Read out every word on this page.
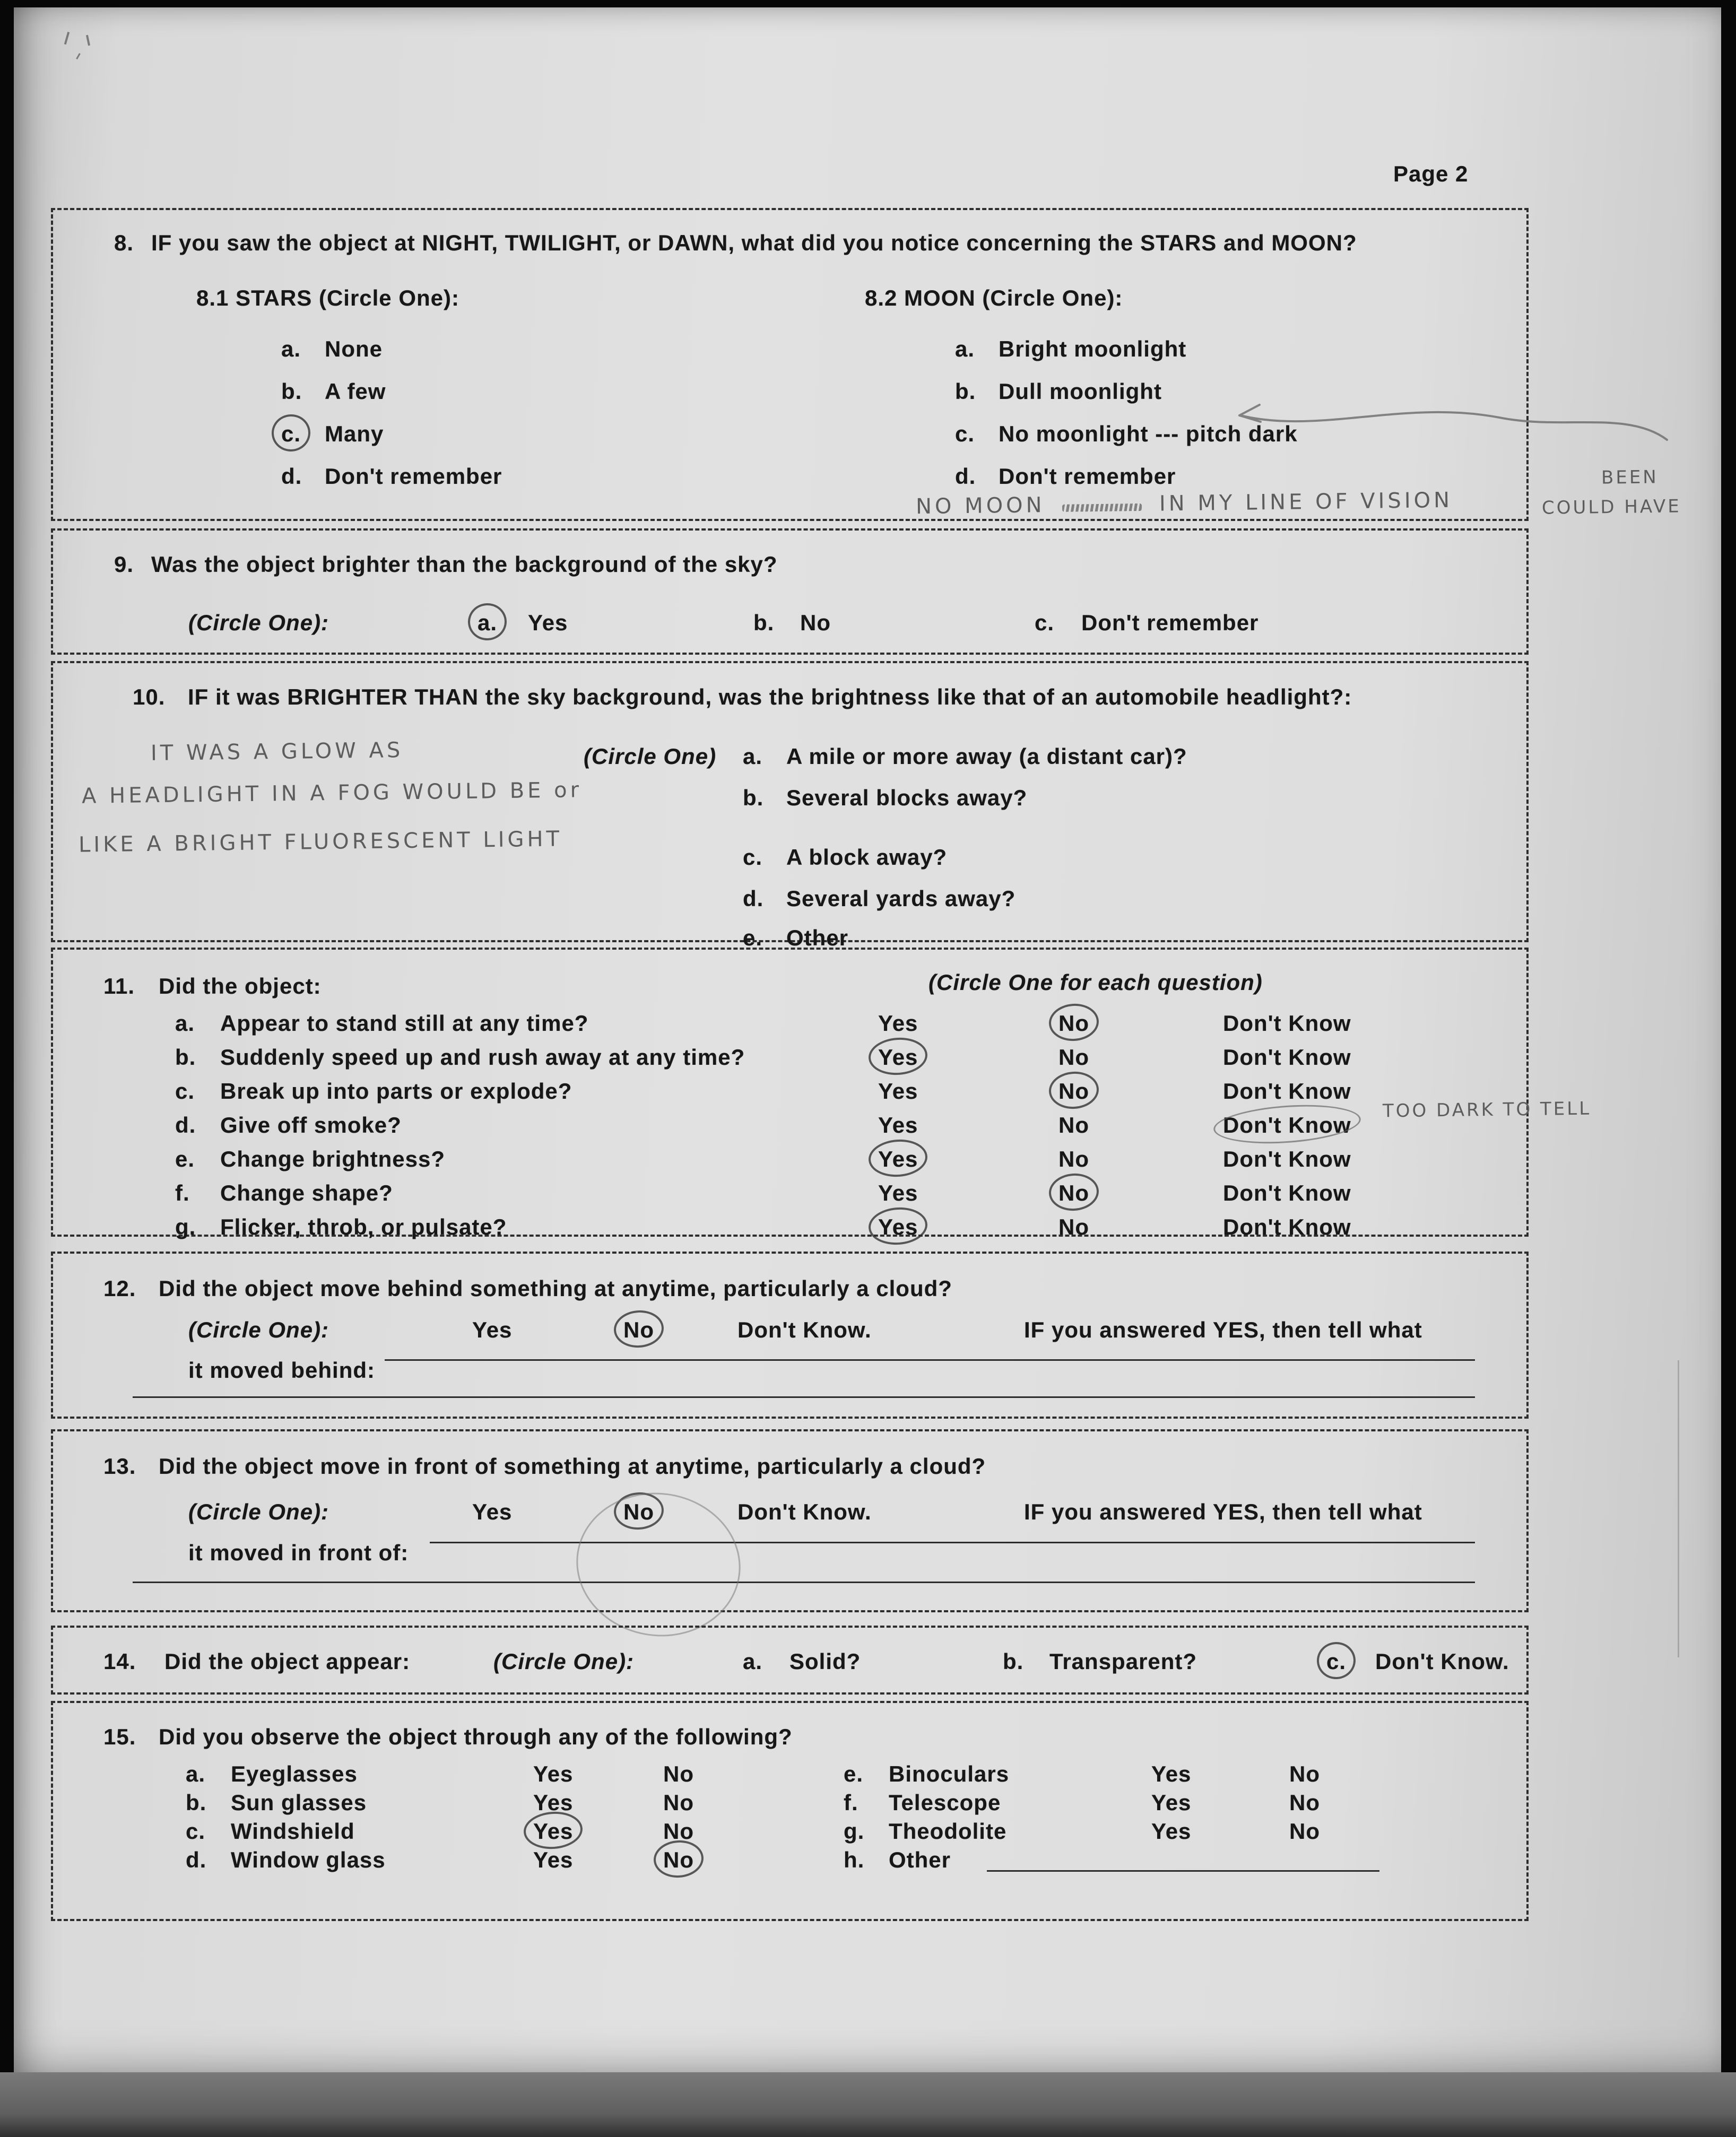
Page 2
8. IF you saw the object at NIGHT, TWILIGHT, or DAWN, what did you notice concerning the STARS and MOON?
8.1 STARS (Circle One):	8.2 MOON (Circle One):
a. None
b. A few
c. Many
d. Don't remember
a. Bright moonlight
b. Dull moonlight
c. No moonlight --- pitch dark
d. Don't remember
NO MOON	IN MY LINE OF VISION	COULD HAVE
BEEN
9. Was the object brighter than the background of the sky?
(Circle One):	a. Yes	b. No	c. Don't remember
10. IF it was BRIGHTER THAN the sky background, was the brightness like that of an automobile headlight?:
(Circle One) a. A mile or more away (a distant car)?
b. Several blocks away?
c. A block away?
d. Several yards away?
e. Other
IT WAS A GLOW AS
A HEADLIGHT IN A FOG WOULD BE or
LIKE A BRIGHT FLUORESCENT LIGHT
11. Did the object:	(Circle One for each question)
a. Appear to stand still at any time?	Yes	No	Don't Know
b. Suddenly speed up and rush away at any time?	Yes	No	Don't Know
c. Break up into parts or explode?	Yes	No	Don't Know
d. Give off smoke?	Yes	No	Don't Know
e. Change brightness?	Yes	No	Don't Know
f. Change shape?	Yes	No	Don't Know
g. Flicker, throb, or pulsate?	Yes	No	Don't Know
TOO DARK TO TELL
12. Did the object move behind something at anytime, particularly a cloud?
(Circle One):	Yes	No	Don't Know.	IF you answered YES, then tell what
it moved behind:
13. Did the object move in front of something at anytime, particularly a cloud?
(Circle One):	Yes	No	Don't Know.	IF you answered YES, then tell what
it moved in front of:
14. Did the object appear:	(Circle One):	a. Solid?	b. Transparent?	c. Don't Know.
15. Did you observe the object through any of the following?
a. Eyeglasses	Yes	No	e. Binoculars	Yes	No
b. Sun glasses	Yes	No	f. Telescope	Yes	No
c. Windshield	Yes	No	g. Theodolite	Yes	No
d. Window glass	Yes	No	h. Other
